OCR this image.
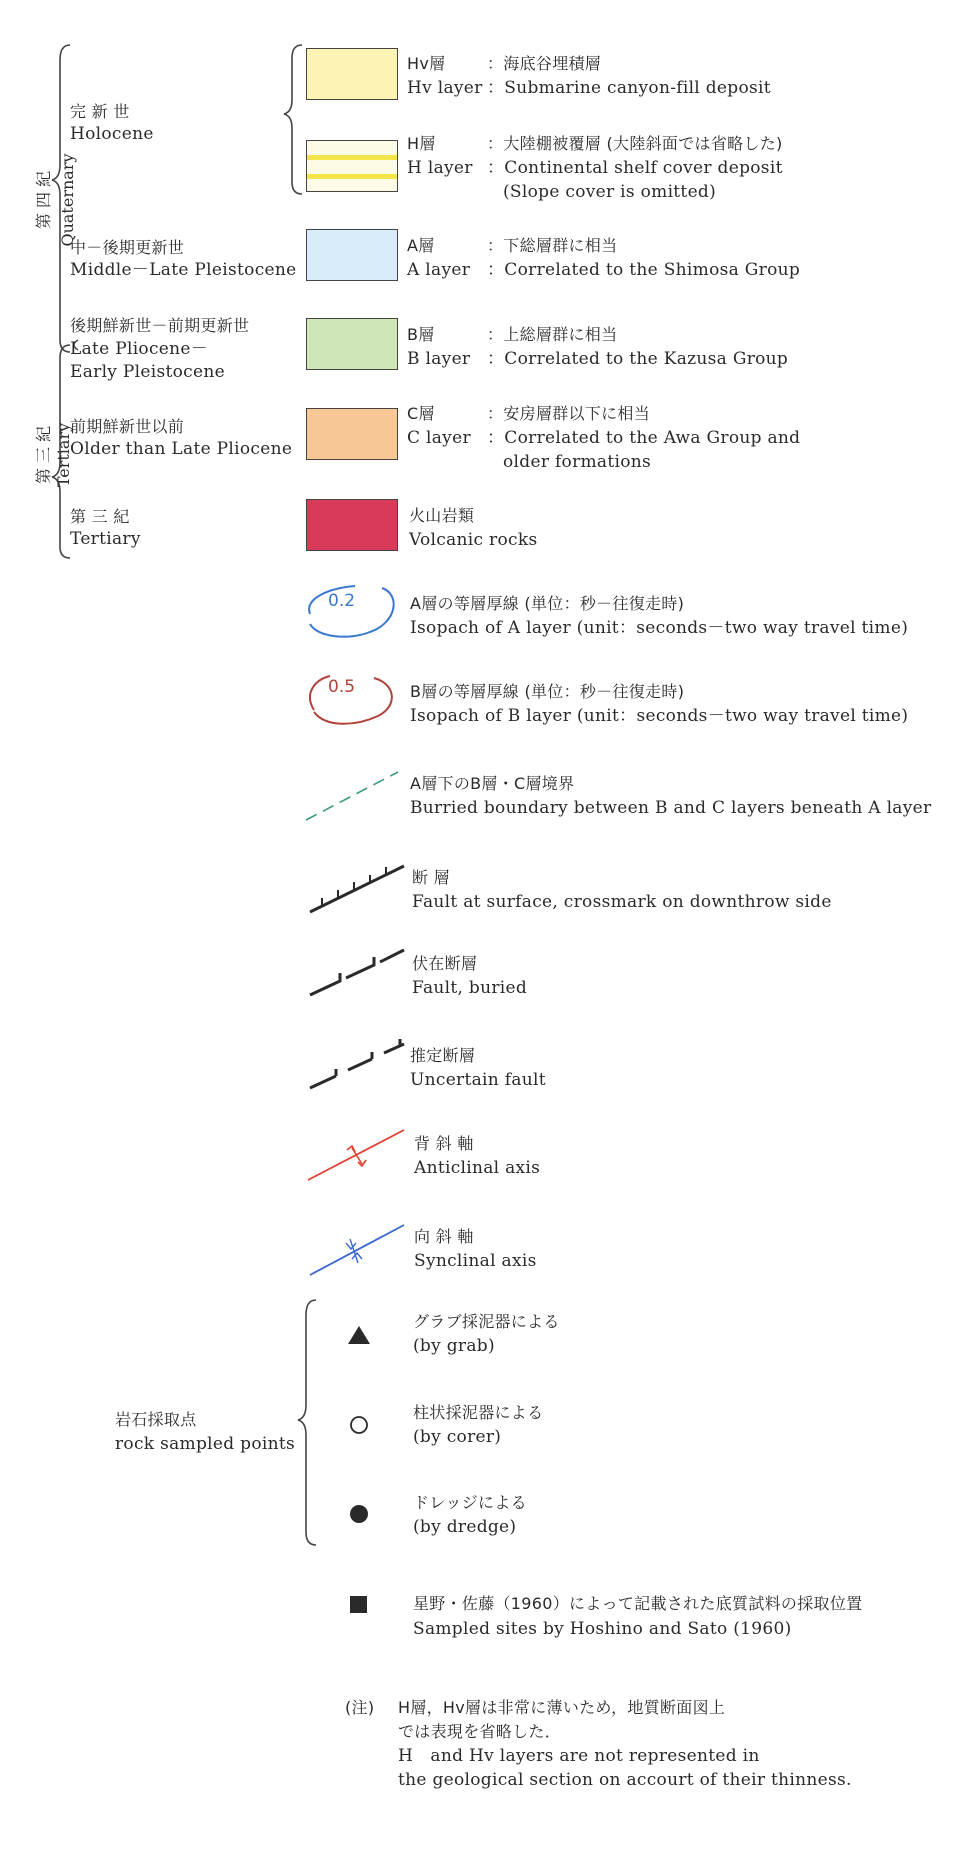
第 四 紀 Quaternary
第 三 紀 Tertiary
完 新 世
Holocene
中－後期更新世
Middle－Late Pleistocene
後期鮮新世－前期更新世
Late Pliocene－
Early Pleistocene
前期鮮新世以前
Older than Late Pliocene
第 三 紀
Tertiary
Hv層
Hv layer
：海底谷埋積層
：Submarine canyon-fill deposit
H層
H layer
：大陸棚被覆層 (大陸斜面では省略した)
：Continental shelf cover deposit
(Slope cover is omitted)
A層
A layer
：下総層群に相当
：Correlated to the Shimosa Group
B層
B layer
：上総層群に相当
：Correlated to the Kazusa Group
C層
C layer
：安房層群以下に相当
：Correlated to the Awa Group and
older formations
火山岩類
Volcanic rocks
0.2
0.5
A層の等層厚線 (単位：秒－往復走時)
Isopach of A layer (unit：seconds－two way travel time)
B層の等層厚線 (単位：秒－往復走時)
Isopach of B layer (unit：seconds－two way travel time)
A層下のB層・C層境界
Burried boundary between B and C layers beneath A layer
断 層
Fault at surface, crossmark on downthrow side
伏在断層
Fault, buried
推定断層
Uncertain fault
背 斜 軸
Anticlinal axis
向 斜 軸
Synclinal axis
岩石採取点
rock sampled points
グラブ採泥器による
(by grab)
柱状採泥器による
(by corer)
ドレッジによる
(by dredge)
星野・佐藤（1960）によって記載された底質試料の採取位置
Sampled sites by Hoshino and Sato (1960)
(注) H層，Hv層は非常に薄いため，地質断面図上
では表現を省略した．
H　and Hv layers are not represented in
the geological section on accourt of their thinness.
